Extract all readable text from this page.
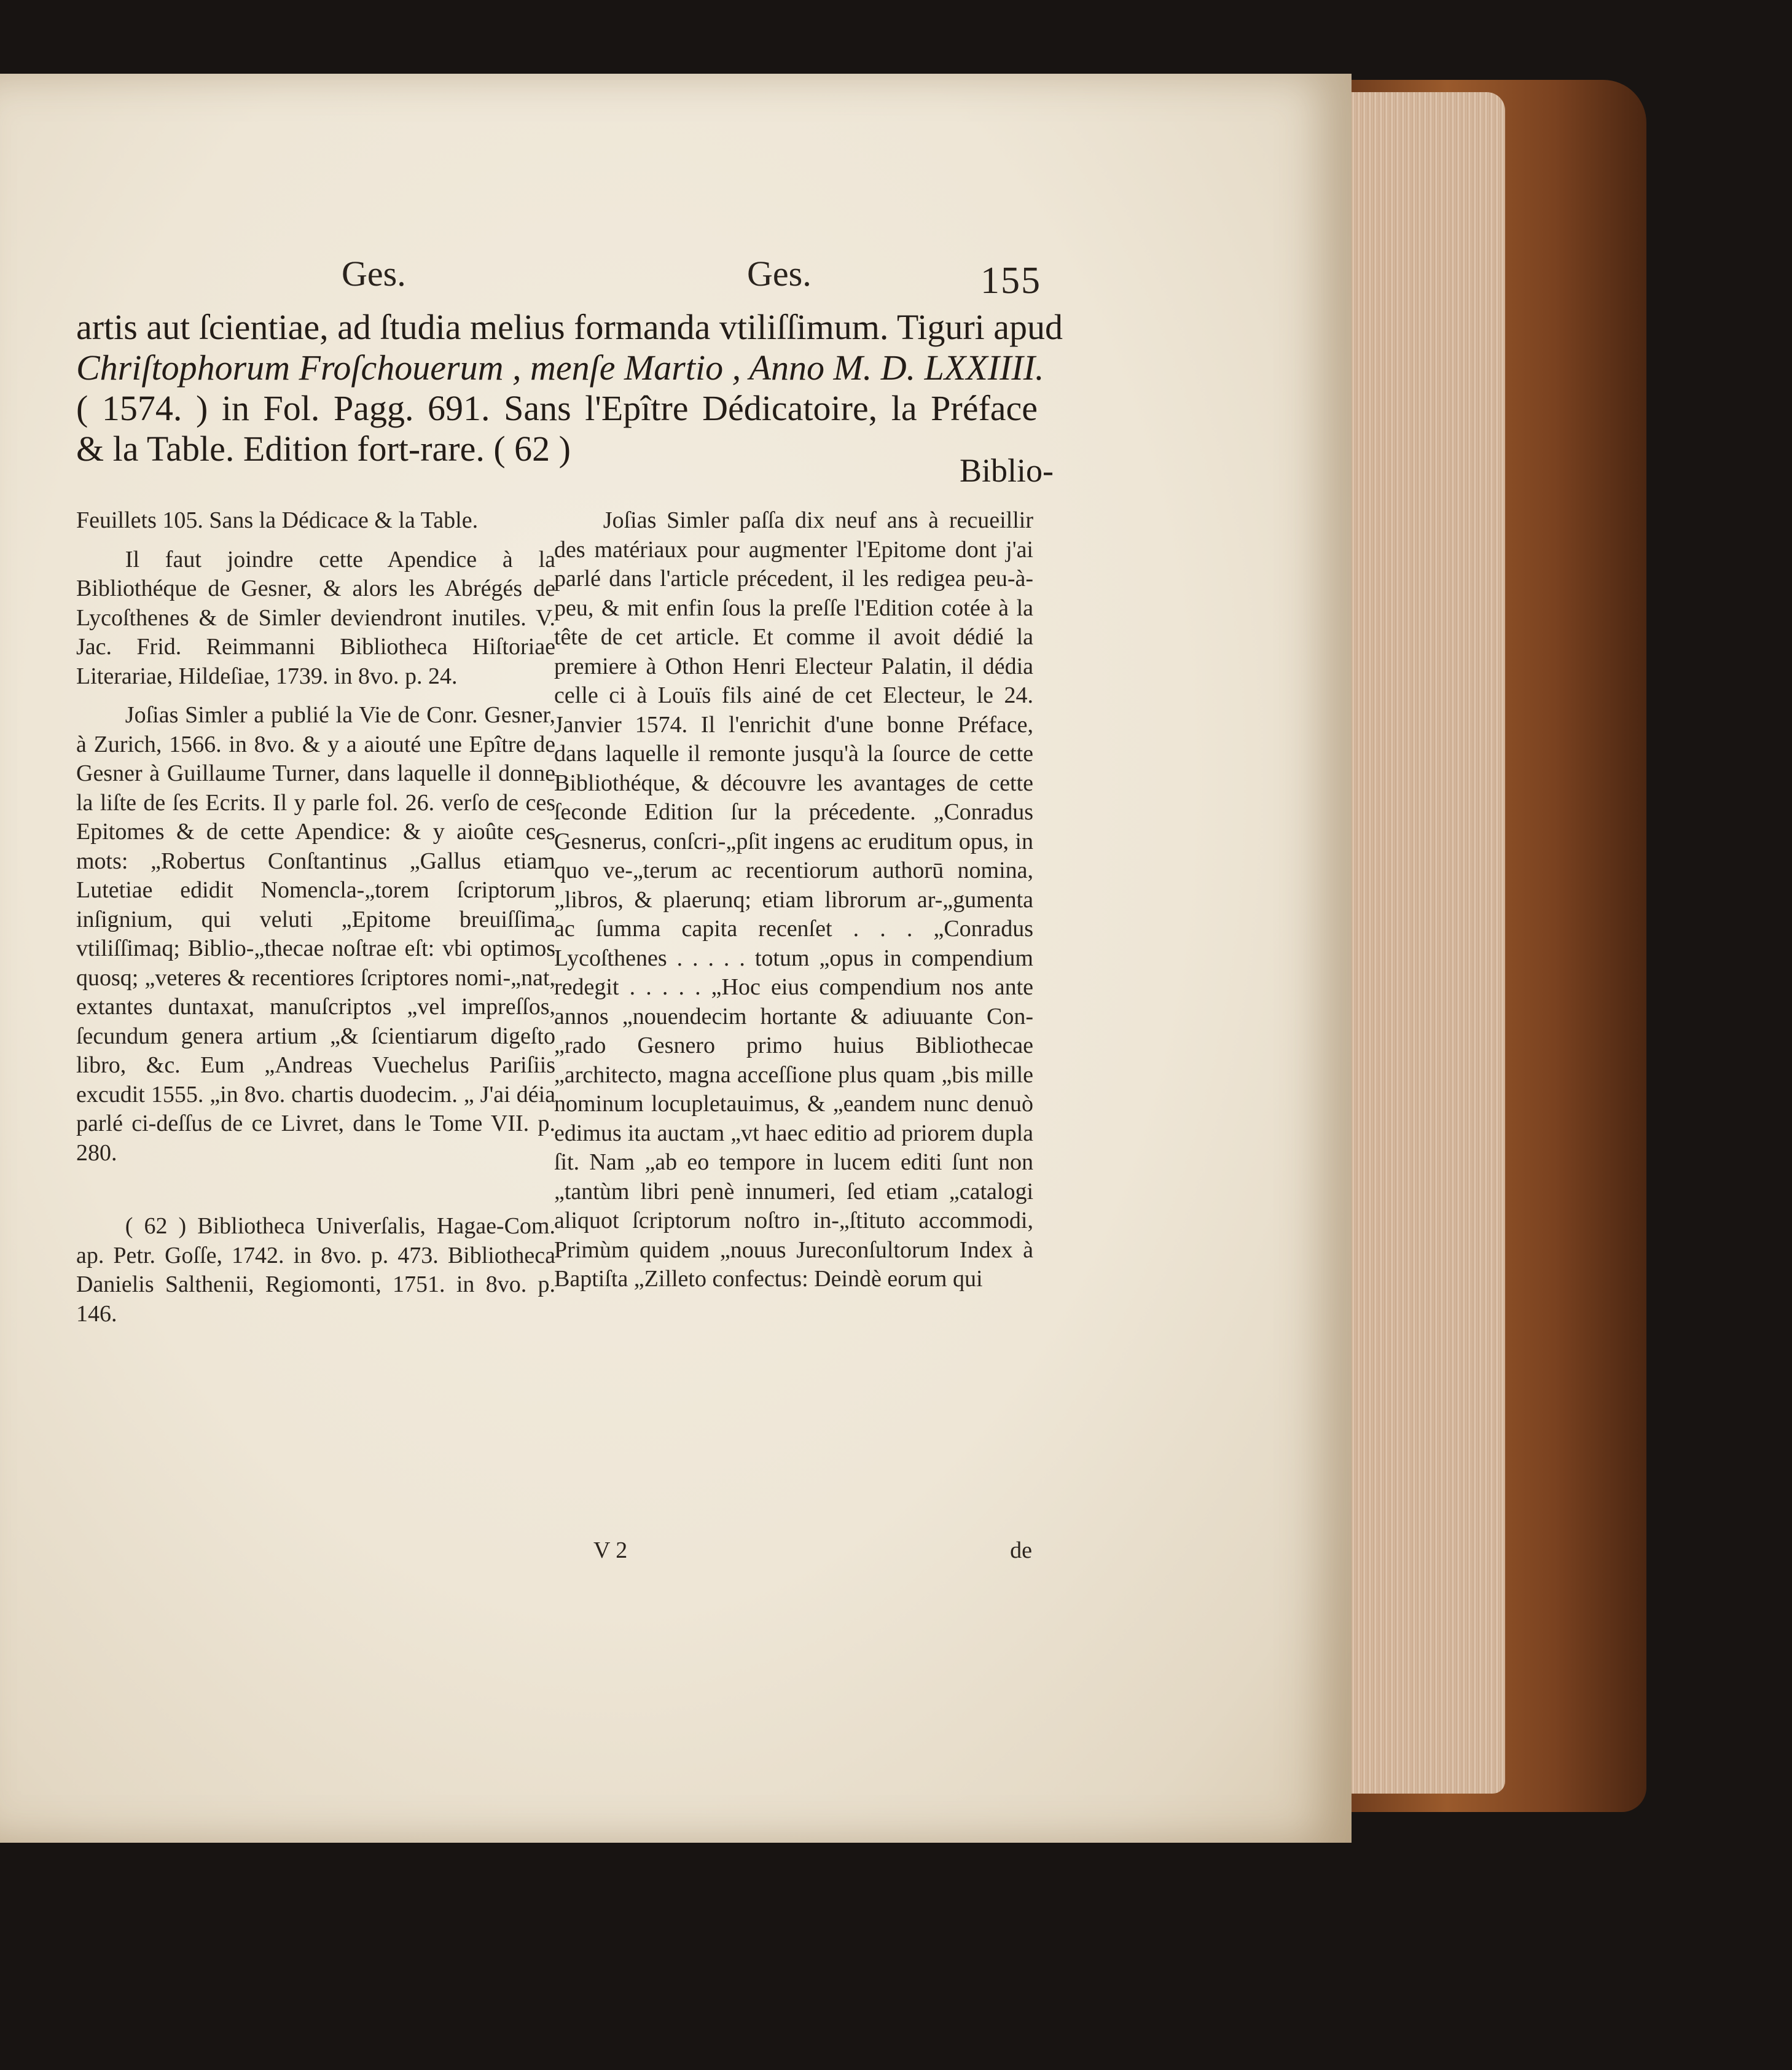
Ges.	Ges.	155

artis aut ſcientiae, ad ſtudia melius formanda vtiliſſimum. Tiguri apud
Chriſtophorum Froſchouerum , menſe Martio , Anno M. D. LXXIIII.
( 1574. ) in Fol. Pagg. 691. Sans l'Epître Dédicatoire, la Préface
& la Table. Edition fort-rare. ( 62 )
Biblio-

Feuillets 105. Sans la Dédicace & la Table.

Il faut joindre cette Apendice à la Bibliothéque de Gesner, & alors les Abrégés de Lycoſthenes & de Simler deviendront inutiles. V. Jac. Frid. Reimmanni Bibliotheca Hiſtoriae Literariae, Hildeſiae, 1739. in 8vo. p. 24.

Joſias Simler a publié la Vie de Conr. Gesner, à Zurich, 1566. in 8vo. & y a aiouté une Epître de Gesner à Guillaume Turner, dans laquelle il donne la liſte de ſes Ecrits. Il y parle fol. 26. verſo de ces Epitomes & de cette Apendice: & y aioûte ces mots: „Robertus Conſtantinus „Gallus etiam Lutetiae edidit Nomencla-„torem ſcriptorum inſignium, qui veluti „Epitome breuiſſima vtiliſſimaq; Biblio-„thecae noſtrae eſt: vbi optimos quosq; „veteres & recentiores ſcriptores nomi-„nat, extantes duntaxat, manuſcriptos „vel impreſſos, ſecundum genera artium „& ſcientiarum digeſto libro, &c. Eum „Andreas Vuechelus Pariſiis excudit 1555. „in 8vo. chartis duodecim. „ J'ai déia parlé ci-deſſus de ce Livret, dans le Tome VII. p. 280.

( 62 ) Bibliotheca Univerſalis, Hagae-Com. ap. Petr. Goſſe, 1742. in 8vo. p. 473. Bibliotheca Danielis Salthenii, Regiomonti, 1751. in 8vo. p. 146.

Joſias Simler paſſa dix neuf ans à recueillir des matériaux pour augmenter l'Epitome dont j'ai parlé dans l'article précedent, il les redigea peu-à-peu, & mit enfin ſous la preſſe l'Edition cotée à la tête de cet article. Et comme il avoit dédié la premiere à Othon Henri Electeur Palatin, il dédia celle ci à Louïs fils ainé de cet Electeur, le 24. Janvier 1574. Il l'enrichit d'une bonne Préface, dans laquelle il remonte jusqu'à la ſource de cette Bibliothéque, & découvre les avantages de cette ſeconde Edition ſur la précedente. „Conradus Gesnerus, conſcri-„pſit ingens ac eruditum opus, in quo ve-„terum ac recentiorum authorū nomina, „libros, & plaerunq; etiam librorum ar-„gumenta ac ſumma capita recenſet . . . „Conradus Lycoſthenes . . . . . totum „opus in compendium redegit . . . . . „Hoc eius compendium nos ante annos „nouendecim hortante & adiuuante Con-„rado Gesnero primo huius Bibliothecae „architecto, magna acceſſione plus quam „bis mille nominum locupletauimus, & „eandem nunc denuò edimus ita auctam „vt haec editio ad priorem dupla ſit. Nam „ab eo tempore in lucem editi ſunt non „tantùm libri penè innumeri, ſed etiam „catalogi aliquot ſcriptorum noſtro in-„ſtituto accommodi, Primùm quidem „nouus Jureconſultorum Index à Baptiſta „Zilleto confectus: Deindè eorum qui

V 2	de
